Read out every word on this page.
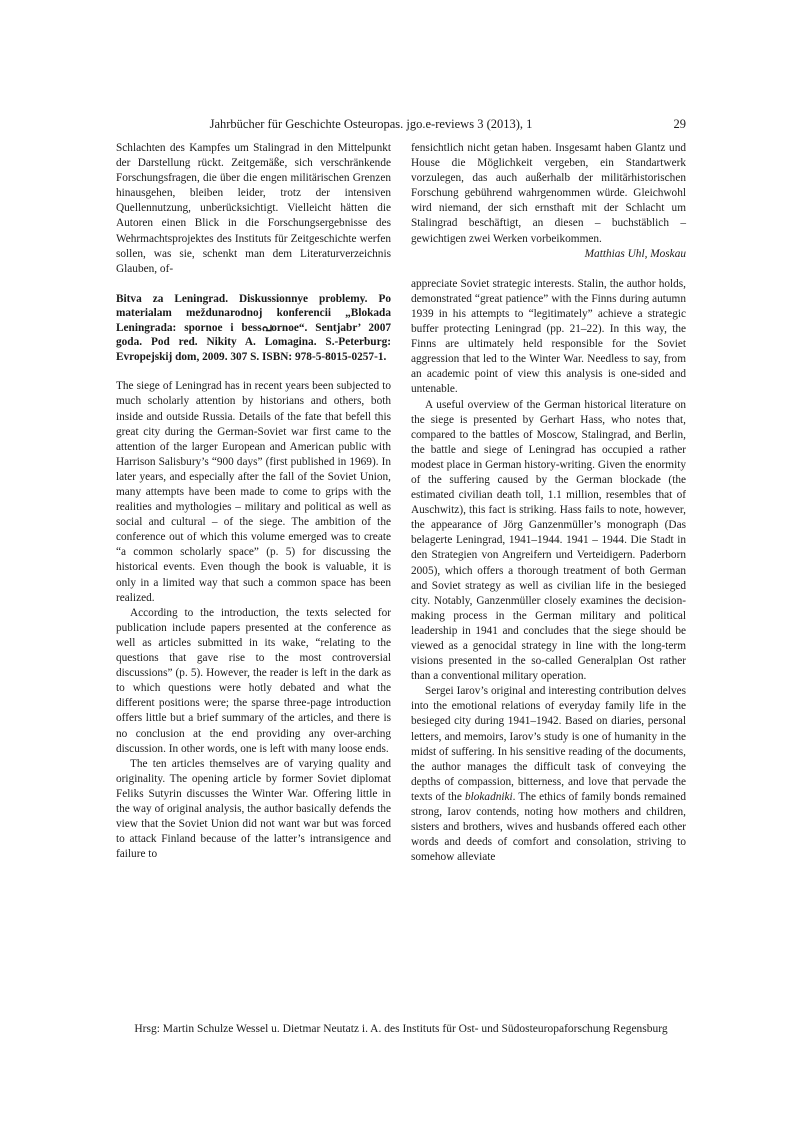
Jahrbücher für Geschichte Osteuropas. jgo.e-reviews 3 (2013), 1	29

Schlachten des Kampfes um Stalingrad in den Mittelpunkt der Darstellung rückt. Zeitgemäße, sich verschränkende Forschungsfragen, die über die engen militärischen Grenzen hinausgehen, bleiben leider, trotz der intensiven Quellennutzung, unberücksichtigt. Vielleicht hätten die Autoren einen Blick in die Forschungsergebnisse des Wehrmachtsprojektes des Instituts für Zeitgeschichte werfen sollen, was sie, schenkt man dem Literaturverzeichnis Glauben, of-

Bitva za Leningrad. Diskussionnye problemy. Po materialam meždunarodnoj konferencii „Blokada Leningrada: spornoe i bessപornoe“. Sentjabr’ 2007 goda. Pod red. Nikity A. Lomagina. S.-Peterburg: Evropejskij dom, 2009. 307 S. ISBN: 978-5-8015-0257-1.

The siege of Leningrad has in recent years been subjected to much scholarly attention by historians and others, both inside and outside Russia. Details of the fate that befell this great city during the German-Soviet war first came to the attention of the larger European and American public with Harrison Salisbury’s “900 days” (first published in 1969). In later years, and especially after the fall of the Soviet Union, many attempts have been made to come to grips with the realities and mythologies – military and political as well as social and cultural – of the siege. The ambition of the conference out of which this volume emerged was to create “a common scholarly space” (p. 5) for discussing the historical events. Even though the book is valuable, it is only in a limited way that such a common space has been realized.

According to the introduction, the texts selected for publication include papers presented at the conference as well as articles submitted in its wake, “relating to the questions that gave rise to the most controversial discussions” (p. 5). However, the reader is left in the dark as to which questions were hotly debated and what the different positions were; the sparse three-page introduction offers little but a brief summary of the articles, and there is no conclusion at the end providing any over-arching discussion. In other words, one is left with many loose ends.

The ten articles themselves are of varying quality and originality. The opening article by former Soviet diplomat Feliks Sutyrin discusses the Winter War. Offering little in the way of original analysis, the author basically defends the view that the Soviet Union did not want war but was forced to attack Finland because of the latter’s intransigence and failure to

fensichtlich nicht getan haben. Insgesamt haben Glantz und House die Möglichkeit vergeben, ein Standartwerk vorzulegen, das auch außerhalb der militärhistorischen Forschung gebührend wahrgenommen würde. Gleichwohl wird niemand, der sich ernsthaft mit der Schlacht um Stalingrad beschäftigt, an diesen – buchstäblich – gewichtigen zwei Werken vorbeikommen.

Matthias Uhl, Moskau

appreciate Soviet strategic interests. Stalin, the author holds, demonstrated “great patience” with the Finns during autumn 1939 in his attempts to “legitimately” achieve a strategic buffer protecting Leningrad (pp. 21–22). In this way, the Finns are ultimately held responsible for the Soviet aggression that led to the Winter War. Needless to say, from an academic point of view this analysis is one-sided and untenable.

A useful overview of the German historical literature on the siege is presented by Gerhart Hass, who notes that, compared to the battles of Moscow, Stalingrad, and Berlin, the battle and siege of Leningrad has occupied a rather modest place in German history-writing. Given the enormity of the suffering caused by the German blockade (the estimated civilian death toll, 1.1 million, resembles that of Auschwitz), this fact is striking. Hass fails to note, however, the appearance of Jörg Ganzenmüller’s monograph (Das belagerte Leningrad, 1941–1944. 1941 – 1944. Die Stadt in den Strategien von Angreifern und Verteidigern. Paderborn 2005), which offers a thorough treatment of both German and Soviet strategy as well as civilian life in the besieged city. Notably, Ganzenmüller closely examines the decision-making process in the German military and political leadership in 1941 and concludes that the siege should be viewed as a genocidal strategy in line with the long-term visions presented in the so-called Generalplan Ost rather than a conventional military operation.

Sergei Iarov’s original and interesting contribution delves into the emotional relations of everyday family life in the besieged city during 1941–1942. Based on diaries, personal letters, and memoirs, Iarov’s study is one of humanity in the midst of suffering. In his sensitive reading of the documents, the author manages the difficult task of conveying the depths of compassion, bitterness, and love that pervade the texts of the blokadniki. The ethics of family bonds remained strong, Iarov contends, noting how mothers and children, sisters and brothers, wives and husbands offered each other words and deeds of comfort and consolation, striving to somehow alleviate

Hrsg: Martin Schulze Wessel u. Dietmar Neutatz i. A. des Instituts für Ost- und Südosteuropaforschung Regensburg
